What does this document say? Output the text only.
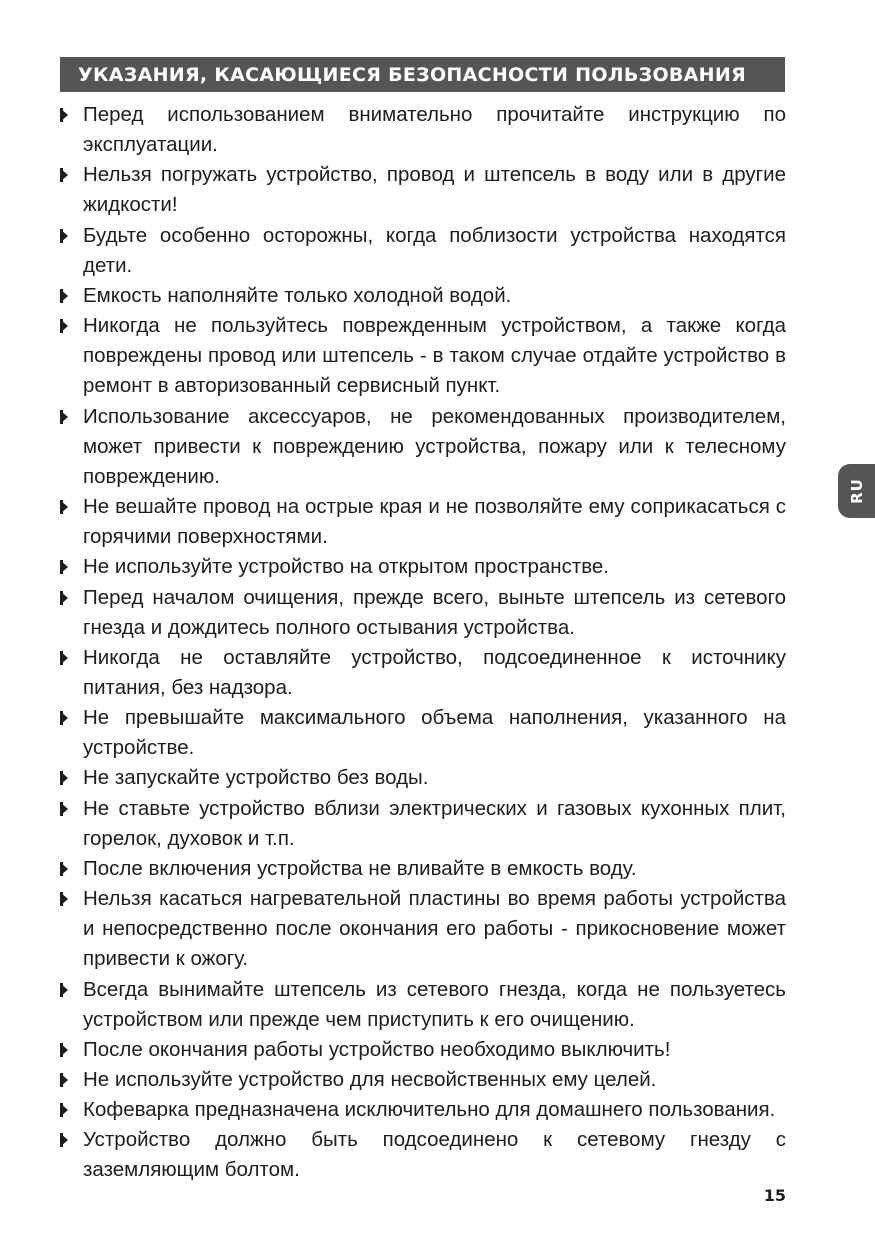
УКАЗАНИЯ, КАСАЮЩИЕСЯ БЕЗОПАСНОСТИ ПОЛЬЗОВАНИЯ
Перед использованием внимательно прочитайте инструкцию по эксплуатации.
Нельзя погружать устройство, провод и штепсель в воду или в другие жидкости!
Будьте особенно осторожны, когда поблизости устройства находятся дети.
Емкость наполняйте только холодной водой.
Никогда не пользуйтесь поврежденным устройством, а также когда повреждены провод или штепсель - в таком случае отдайте устройство в ремонт в авторизованный сервисный пункт.
Использование аксессуаров, не рекомендованных производителем, может привести к повреждению устройства, пожару или к телесному повреждению.
Не вешайте провод на острые края и не позволяйте ему соприкасаться с горячими поверхностями.
Не используйте устройство на открытом пространстве.
Перед началом очищения, прежде всего, выньте штепсель из сетевого гнезда и дождитесь полного остывания устройства.
Никогда не оставляйте устройство, подсоединенное к источнику питания, без надзора.
Не превышайте максимального объема наполнения, указанного на устройстве.
Не запускайте устройство без воды.
Не ставьте устройство вблизи электрических и газовых кухонных плит, горелок, духовок и т.п.
После включения устройства не вливайте в емкость воду.
Нельзя касаться нагревательной пластины во время работы устройства и непосредственно после окончания его работы - прикосновение может привести к ожогу.
Всегда вынимайте штепсель из сетевого гнезда, когда не пользуетесь устройством или прежде чем приступить к его очищению.
После окончания работы устройство необходимо выключить!
Не используйте устройство для несвойственных ему целей.
Кофеварка предназначена исключительно для домашнего пользования.
Устройство должно быть подсоединено к сетевому гнезду с заземляющим болтом.
RU
15
